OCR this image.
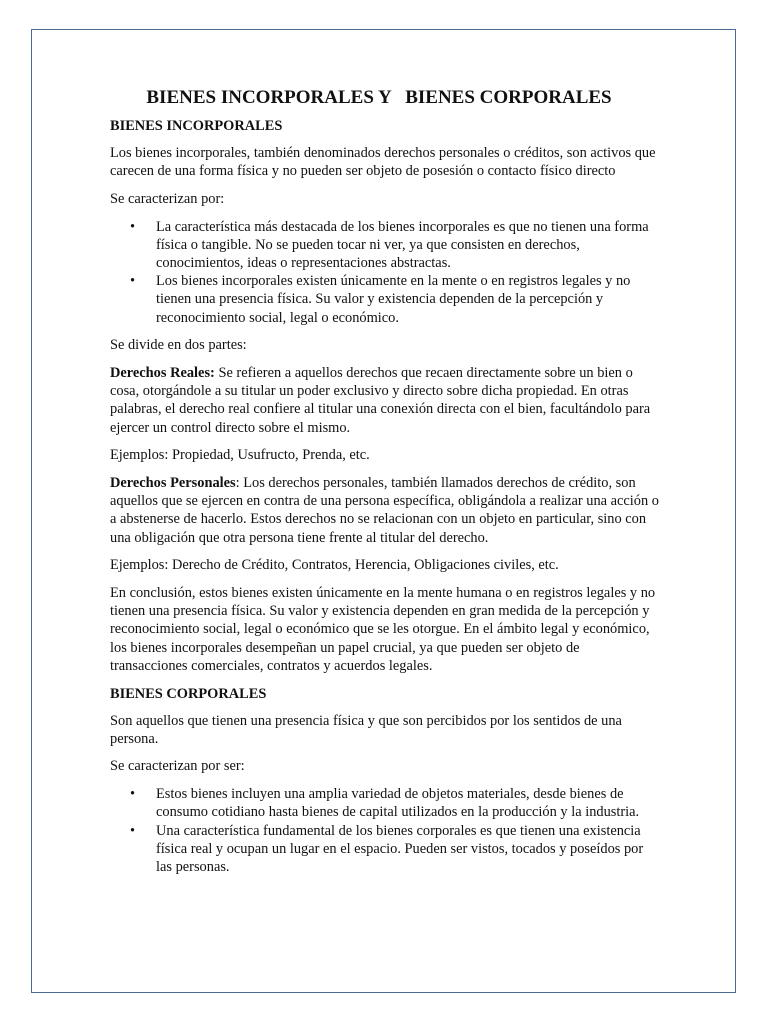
BIENES INCORPORALES Y   BIENES CORPORALES
BIENES INCORPORALES

Los bienes incorporales, también denominados derechos personales o créditos, son activos que carecen de una forma física y no pueden ser objeto de posesión o contacto físico directo

Se caracterizan por:

• La característica más destacada de los bienes incorporales es que no tienen una forma física o tangible. No se pueden tocar ni ver, ya que consisten en derechos, conocimientos, ideas o representaciones abstractas.
• Los bienes incorporales existen únicamente en la mente o en registros legales y no tienen una presencia física. Su valor y existencia dependen de la percepción y reconocimiento social, legal o económico.

Se divide en dos partes:

Derechos Reales: Se refieren a aquellos derechos que recaen directamente sobre un bien o cosa, otorgándole a su titular un poder exclusivo y directo sobre dicha propiedad. En otras palabras, el derecho real confiere al titular una conexión directa con el bien, facultándolo para ejercer un control directo sobre el mismo.

Ejemplos: Propiedad, Usufructo, Prenda, etc.

Derechos Personales: Los derechos personales, también llamados derechos de crédito, son aquellos que se ejercen en contra de una persona específica, obligándola a realizar una acción o a abstenerse de hacerlo. Estos derechos no se relacionan con un objeto en particular, sino con una obligación que otra persona tiene frente al titular del derecho.

Ejemplos: Derecho de Crédito, Contratos, Herencia, Obligaciones civiles, etc.

En conclusión, estos bienes existen únicamente en la mente humana o en registros legales y no tienen una presencia física. Su valor y existencia dependen en gran medida de la percepción y reconocimiento social, legal o económico que se les otorgue. En el ámbito legal y económico, los bienes incorporales desempeñan un papel crucial, ya que pueden ser objeto de transacciones comerciales, contratos y acuerdos legales.

BIENES CORPORALES

Son aquellos que tienen una presencia física y que son percibidos por los sentidos de una persona.

Se caracterizan por ser:

• Estos bienes incluyen una amplia variedad de objetos materiales, desde bienes de consumo cotidiano hasta bienes de capital utilizados en la producción y la industria.
• Una característica fundamental de los bienes corporales es que tienen una existencia física real y ocupan un lugar en el espacio. Pueden ser vistos, tocados y poseídos por las personas.
